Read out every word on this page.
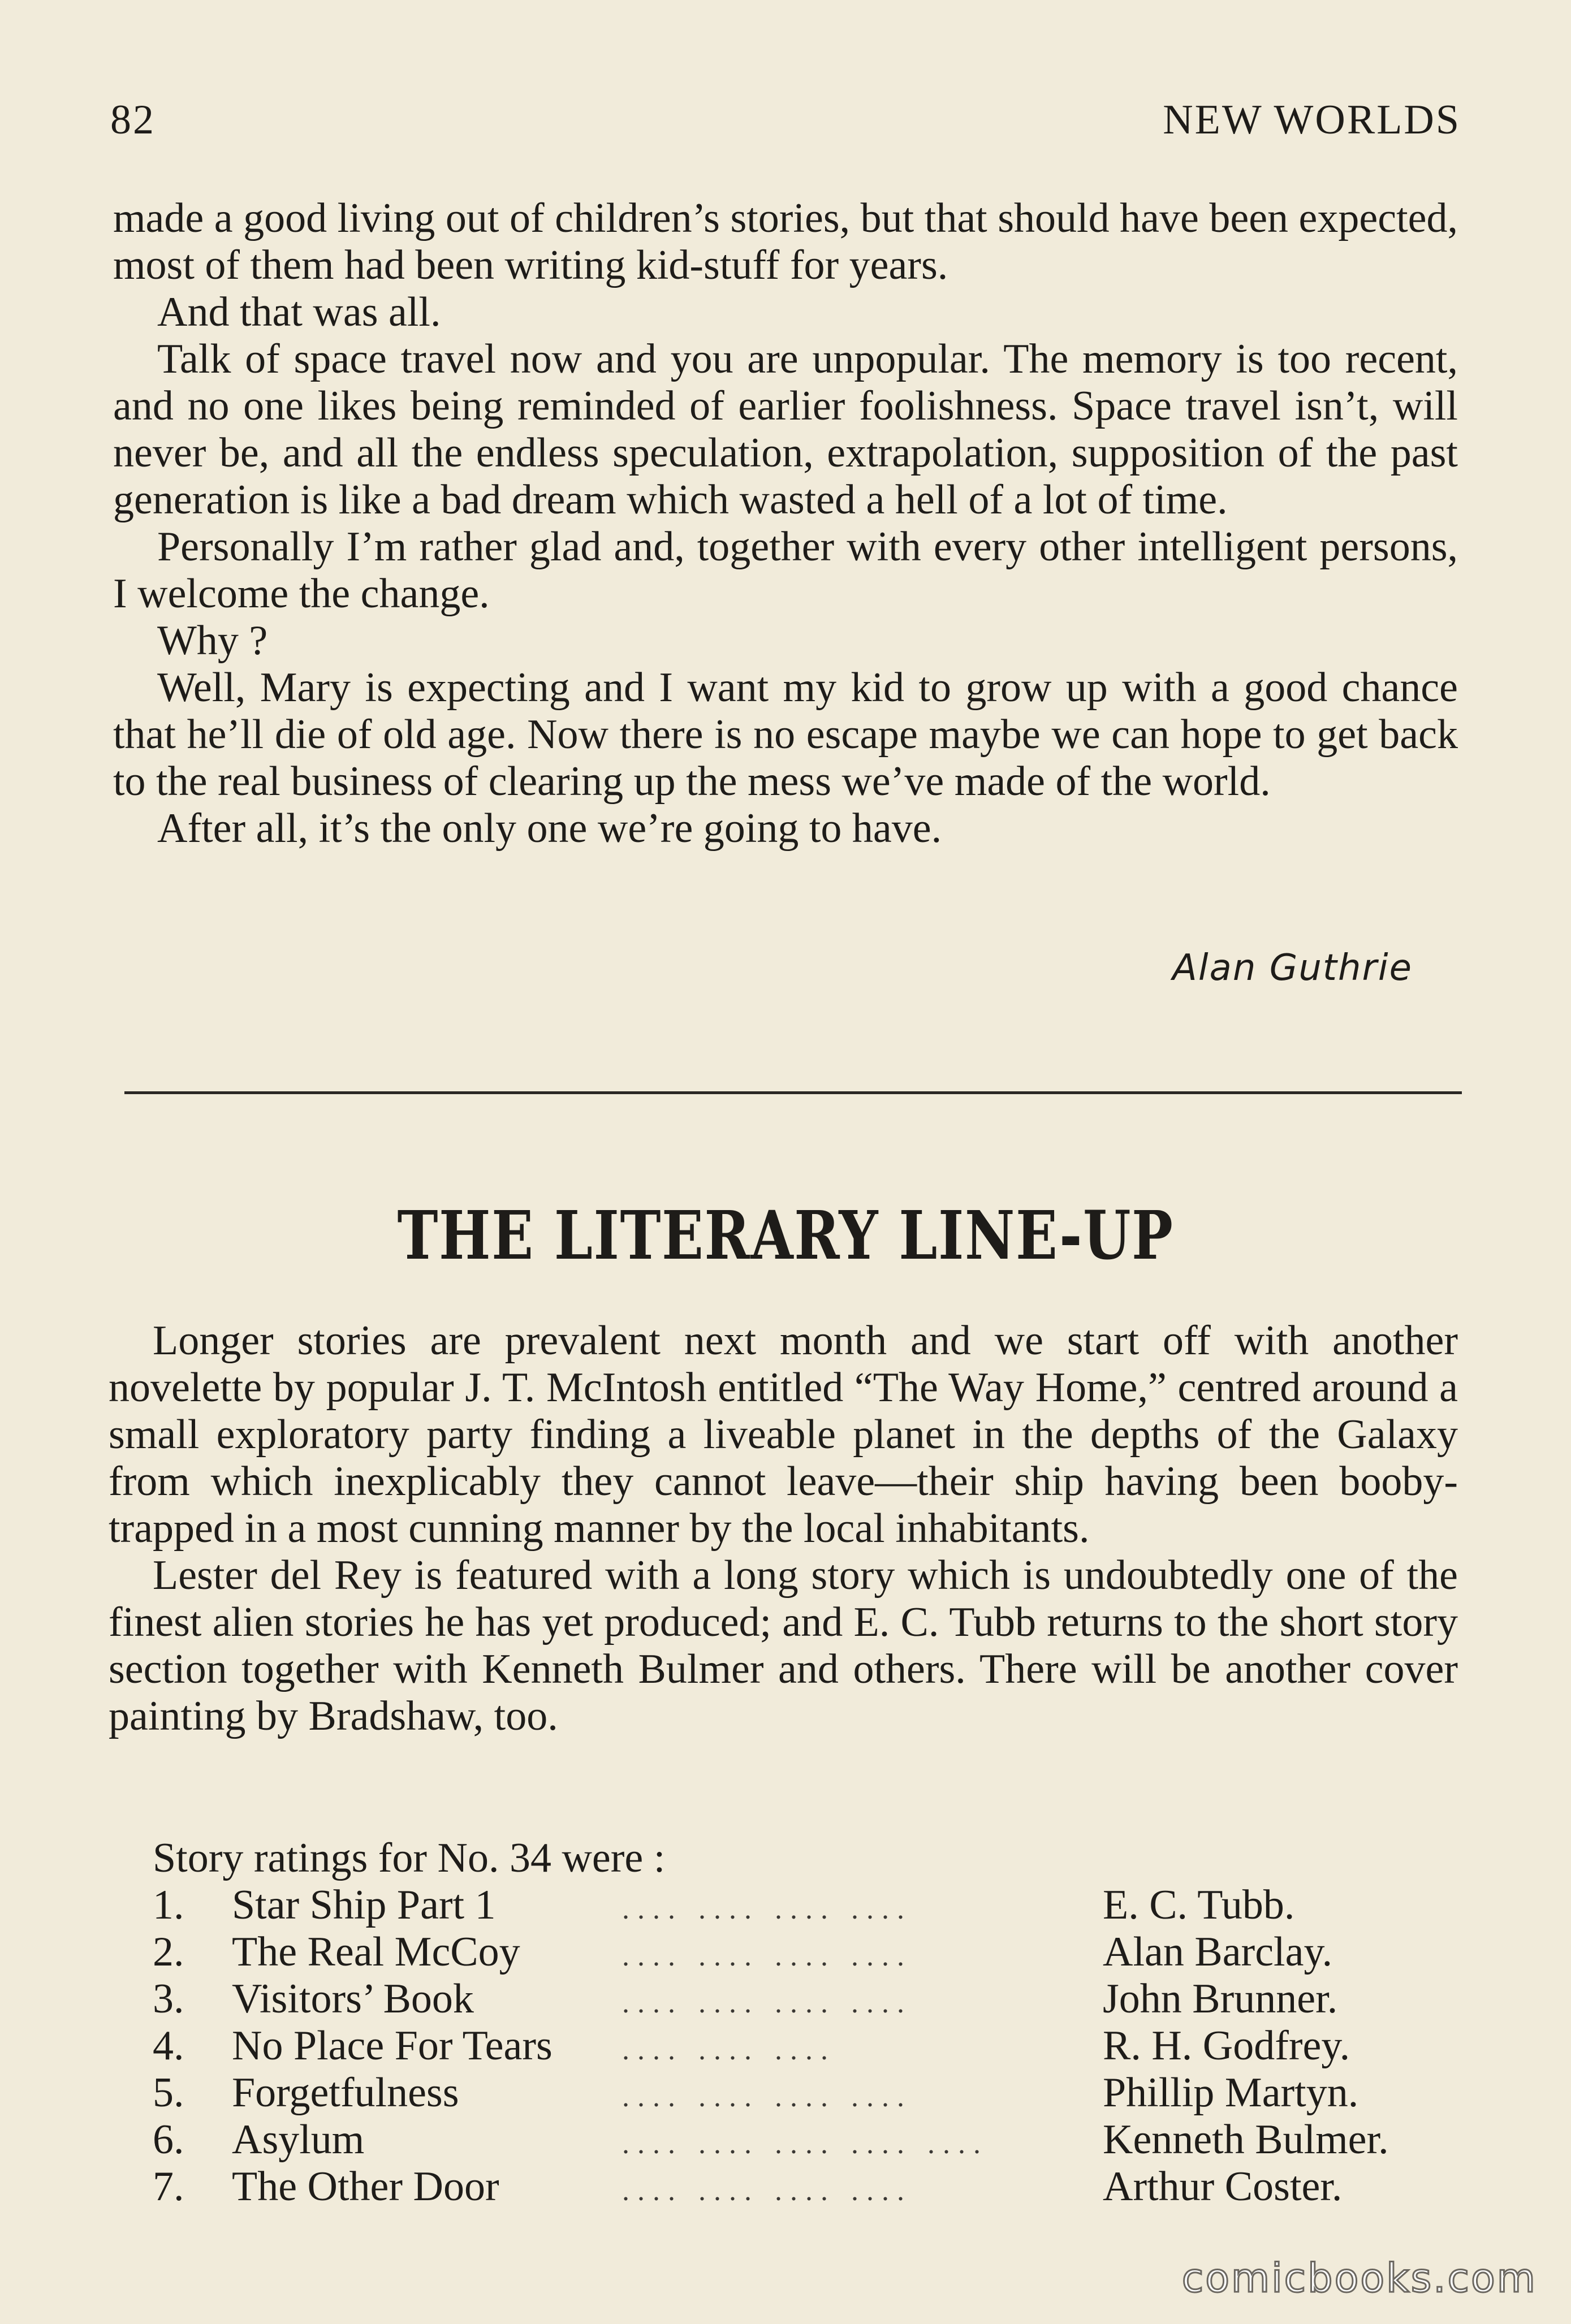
82	NEW WORLDS

made a good living out of children’s stories, but that should have been expected, most of them had been writing kid-stuff for years.

And that was all.

Talk of space travel now and you are unpopular. The memory is too recent, and no one likes being reminded of earlier foolishness. Space travel isn’t, will never be, and all the endless speculation, extrapolation, supposition of the past generation is like a bad dream which wasted a hell of a lot of time.

Personally I’m rather glad and, together with every other intelligent persons, I welcome the change.

Why ?

Well, Mary is expecting and I want my kid to grow up with a good chance that he’ll die of old age. Now there is no escape maybe we can hope to get back to the real business of clearing up the mess we’ve made of the world.

After all, it’s the only one we’re going to have.

Alan Guthrie
THE LITERARY LINE-UP

Longer stories are prevalent next month and we start off with another novelette by popular J. T. McIntosh entitled “The Way Home,” centred around a small exploratory party finding a liveable planet in the depths of the Galaxy from which inexplicably they cannot leave—their ship having been booby-trapped in a most cunning manner by the local inhabitants.

Lester del Rey is featured with a long story which is undoubtedly one of the finest alien stories he has yet produced; and E. C. Tubb returns to the short story section together with Kenneth Bulmer and others. There will be another cover painting by Bradshaw, too.

Story ratings for No. 34 were :
1.	Star Ship Part 1	.... .... .... ....	E. C. Tubb.
2.	The Real McCoy	.... .... .... ....	Alan Barclay.
3.	Visitors’ Book	.... .... .... ....	John Brunner.
4.	No Place For Tears	.... .... ....	R. H. Godfrey.
5.	Forgetfulness	.... .... .... ....	Phillip Martyn.
6.	Asylum	.... .... .... .... ....	Kenneth Bulmer.
7.	The Other Door	.... .... .... ....	Arthur Coster.
comicbooks.com
